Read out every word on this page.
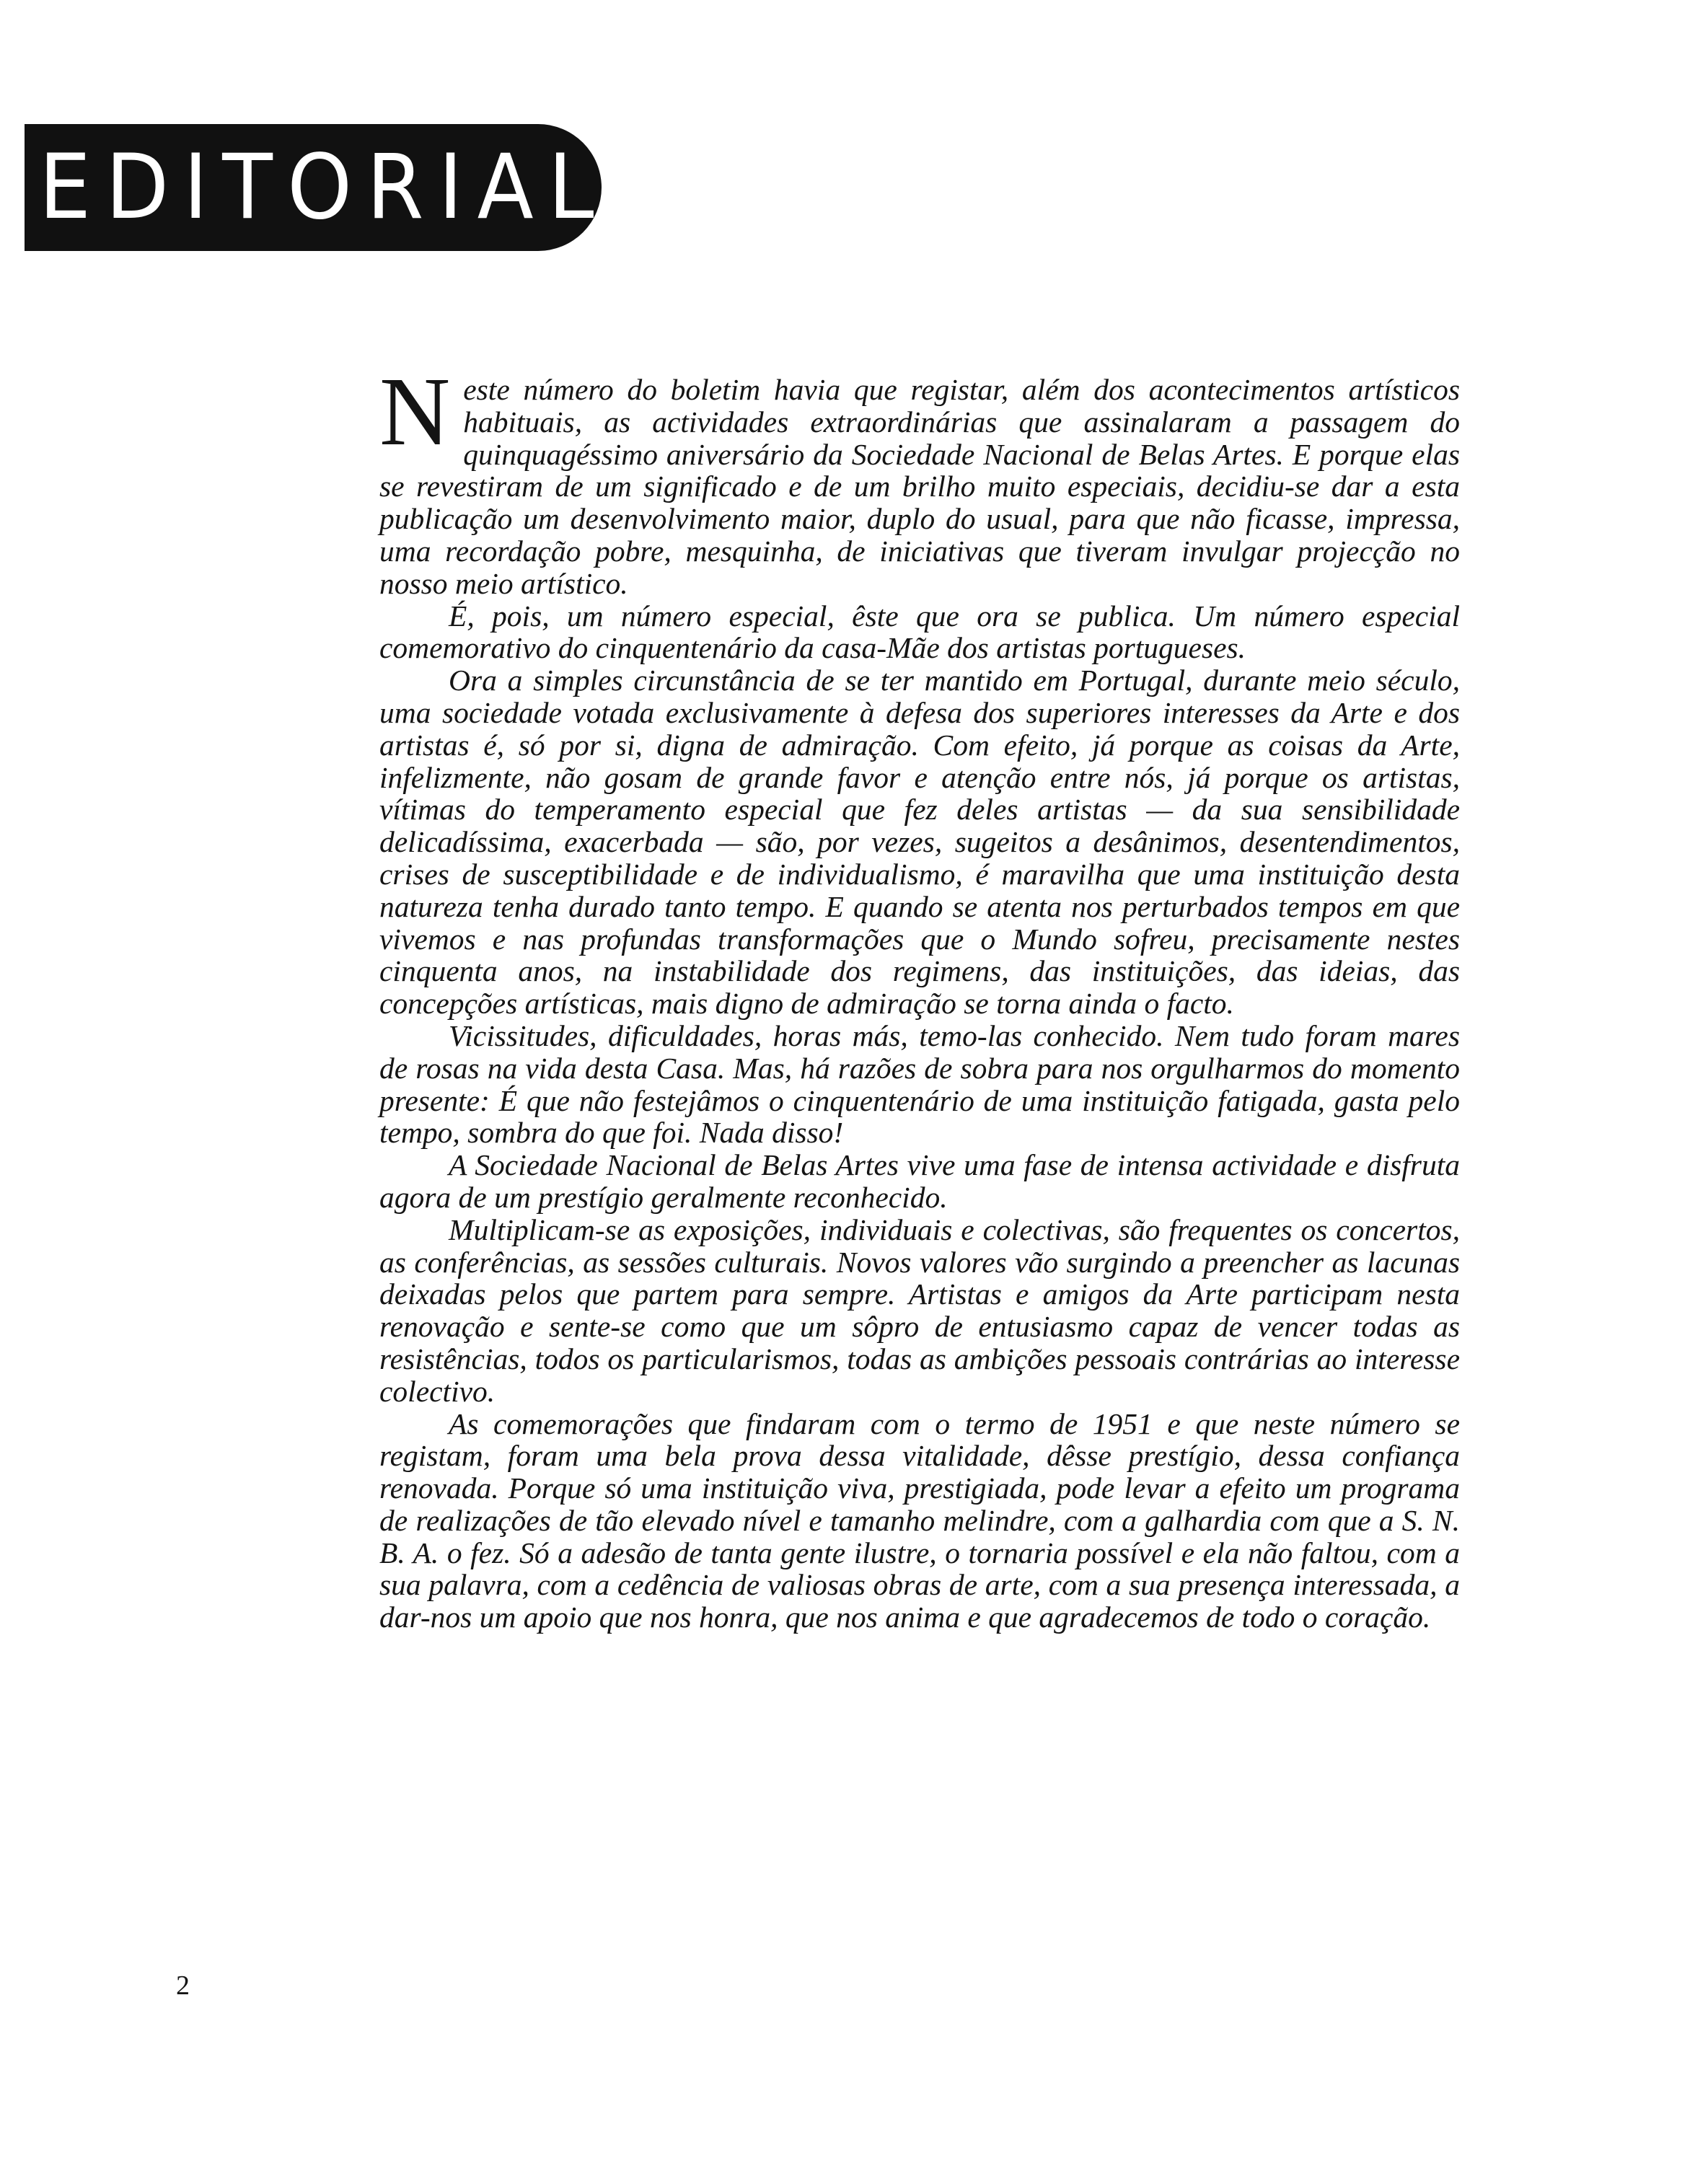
EDITORIAL

Neste número do boletim havia que registar, além dos acontecimentos artísticos habituais, as actividades extraordinárias que assinalaram a passagem do quinquagéssimo aniversário da Sociedade Nacional de Belas Artes. E porque elas se revestiram de um significado e de um brilho muito especiais, decidiu-se dar a esta publicação um desenvolvimento maior, duplo do usual, para que não ficasse, impressa, uma recordação pobre, mesquinha, de iniciativas que tiveram invulgar projecção no nosso meio artístico.

É, pois, um número especial, êste que ora se publica. Um número especial comemorativo do cinquentenário da casa-Mãe dos artistas portugueses.

Ora a simples circunstância de se ter mantido em Portugal, durante meio século, uma sociedade votada exclusivamente à defesa dos superiores interesses da Arte e dos artistas é, só por si, digna de admiração. Com efeito, já porque as coisas da Arte, infelizmente, não gosam de grande favor e atenção entre nós, já porque os artistas, vítimas do temperamento especial que fez deles artistas — da sua sensibilidade delicadíssima, exacerbada — são, por vezes, sugeitos a desânimos, desentendimentos, crises de susceptibilidade e de individualismo, é maravilha que uma instituição desta natureza tenha durado tanto tempo. E quando se atenta nos perturbados tempos em que vivemos e nas profundas transformações que o Mundo sofreu, precisamente nestes cinquenta anos, na instabilidade dos regimens, das instituições, das ideias, das concepções artísticas, mais digno de admiração se torna ainda o facto.

Vicissitudes, dificuldades, horas más, temo-las conhecido. Nem tudo foram mares de rosas na vida desta Casa. Mas, há razões de sobra para nos orgulharmos do momento presente: É que não festejâmos o cinquentenário de uma instituição fatigada, gasta pelo tempo, sombra do que foi. Nada disso!

A Sociedade Nacional de Belas Artes vive uma fase de intensa actividade e disfruta agora de um prestígio geralmente reconhecido.

Multiplicam-se as exposições, individuais e colectivas, são frequentes os concertos, as conferências, as sessões culturais. Novos valores vão surgindo a preencher as lacunas deixadas pelos que partem para sempre. Artistas e amigos da Arte participam nesta renovação e sente-se como que um sôpro de entusiasmo capaz de vencer todas as resistências, todos os particularismos, todas as ambições pessoais contrárias ao interesse colectivo.

As comemorações que findaram com o termo de 1951 e que neste número se registam, foram uma bela prova dessa vitalidade, dêsse prestígio, dessa confiança renovada. Porque só uma instituição viva, prestigiada, pode levar a efeito um programa de realizações de tão elevado nível e tamanho melindre, com a galhardia com que a S. N. B. A. o fez. Só a adesão de tanta gente ilustre, o tornaria possível e ela não faltou, com a sua palavra, com a cedência de valiosas obras de arte, com a sua presença interessada, a dar-nos um apoio que nos honra, que nos anima e que agradecemos de todo o coração.

2
